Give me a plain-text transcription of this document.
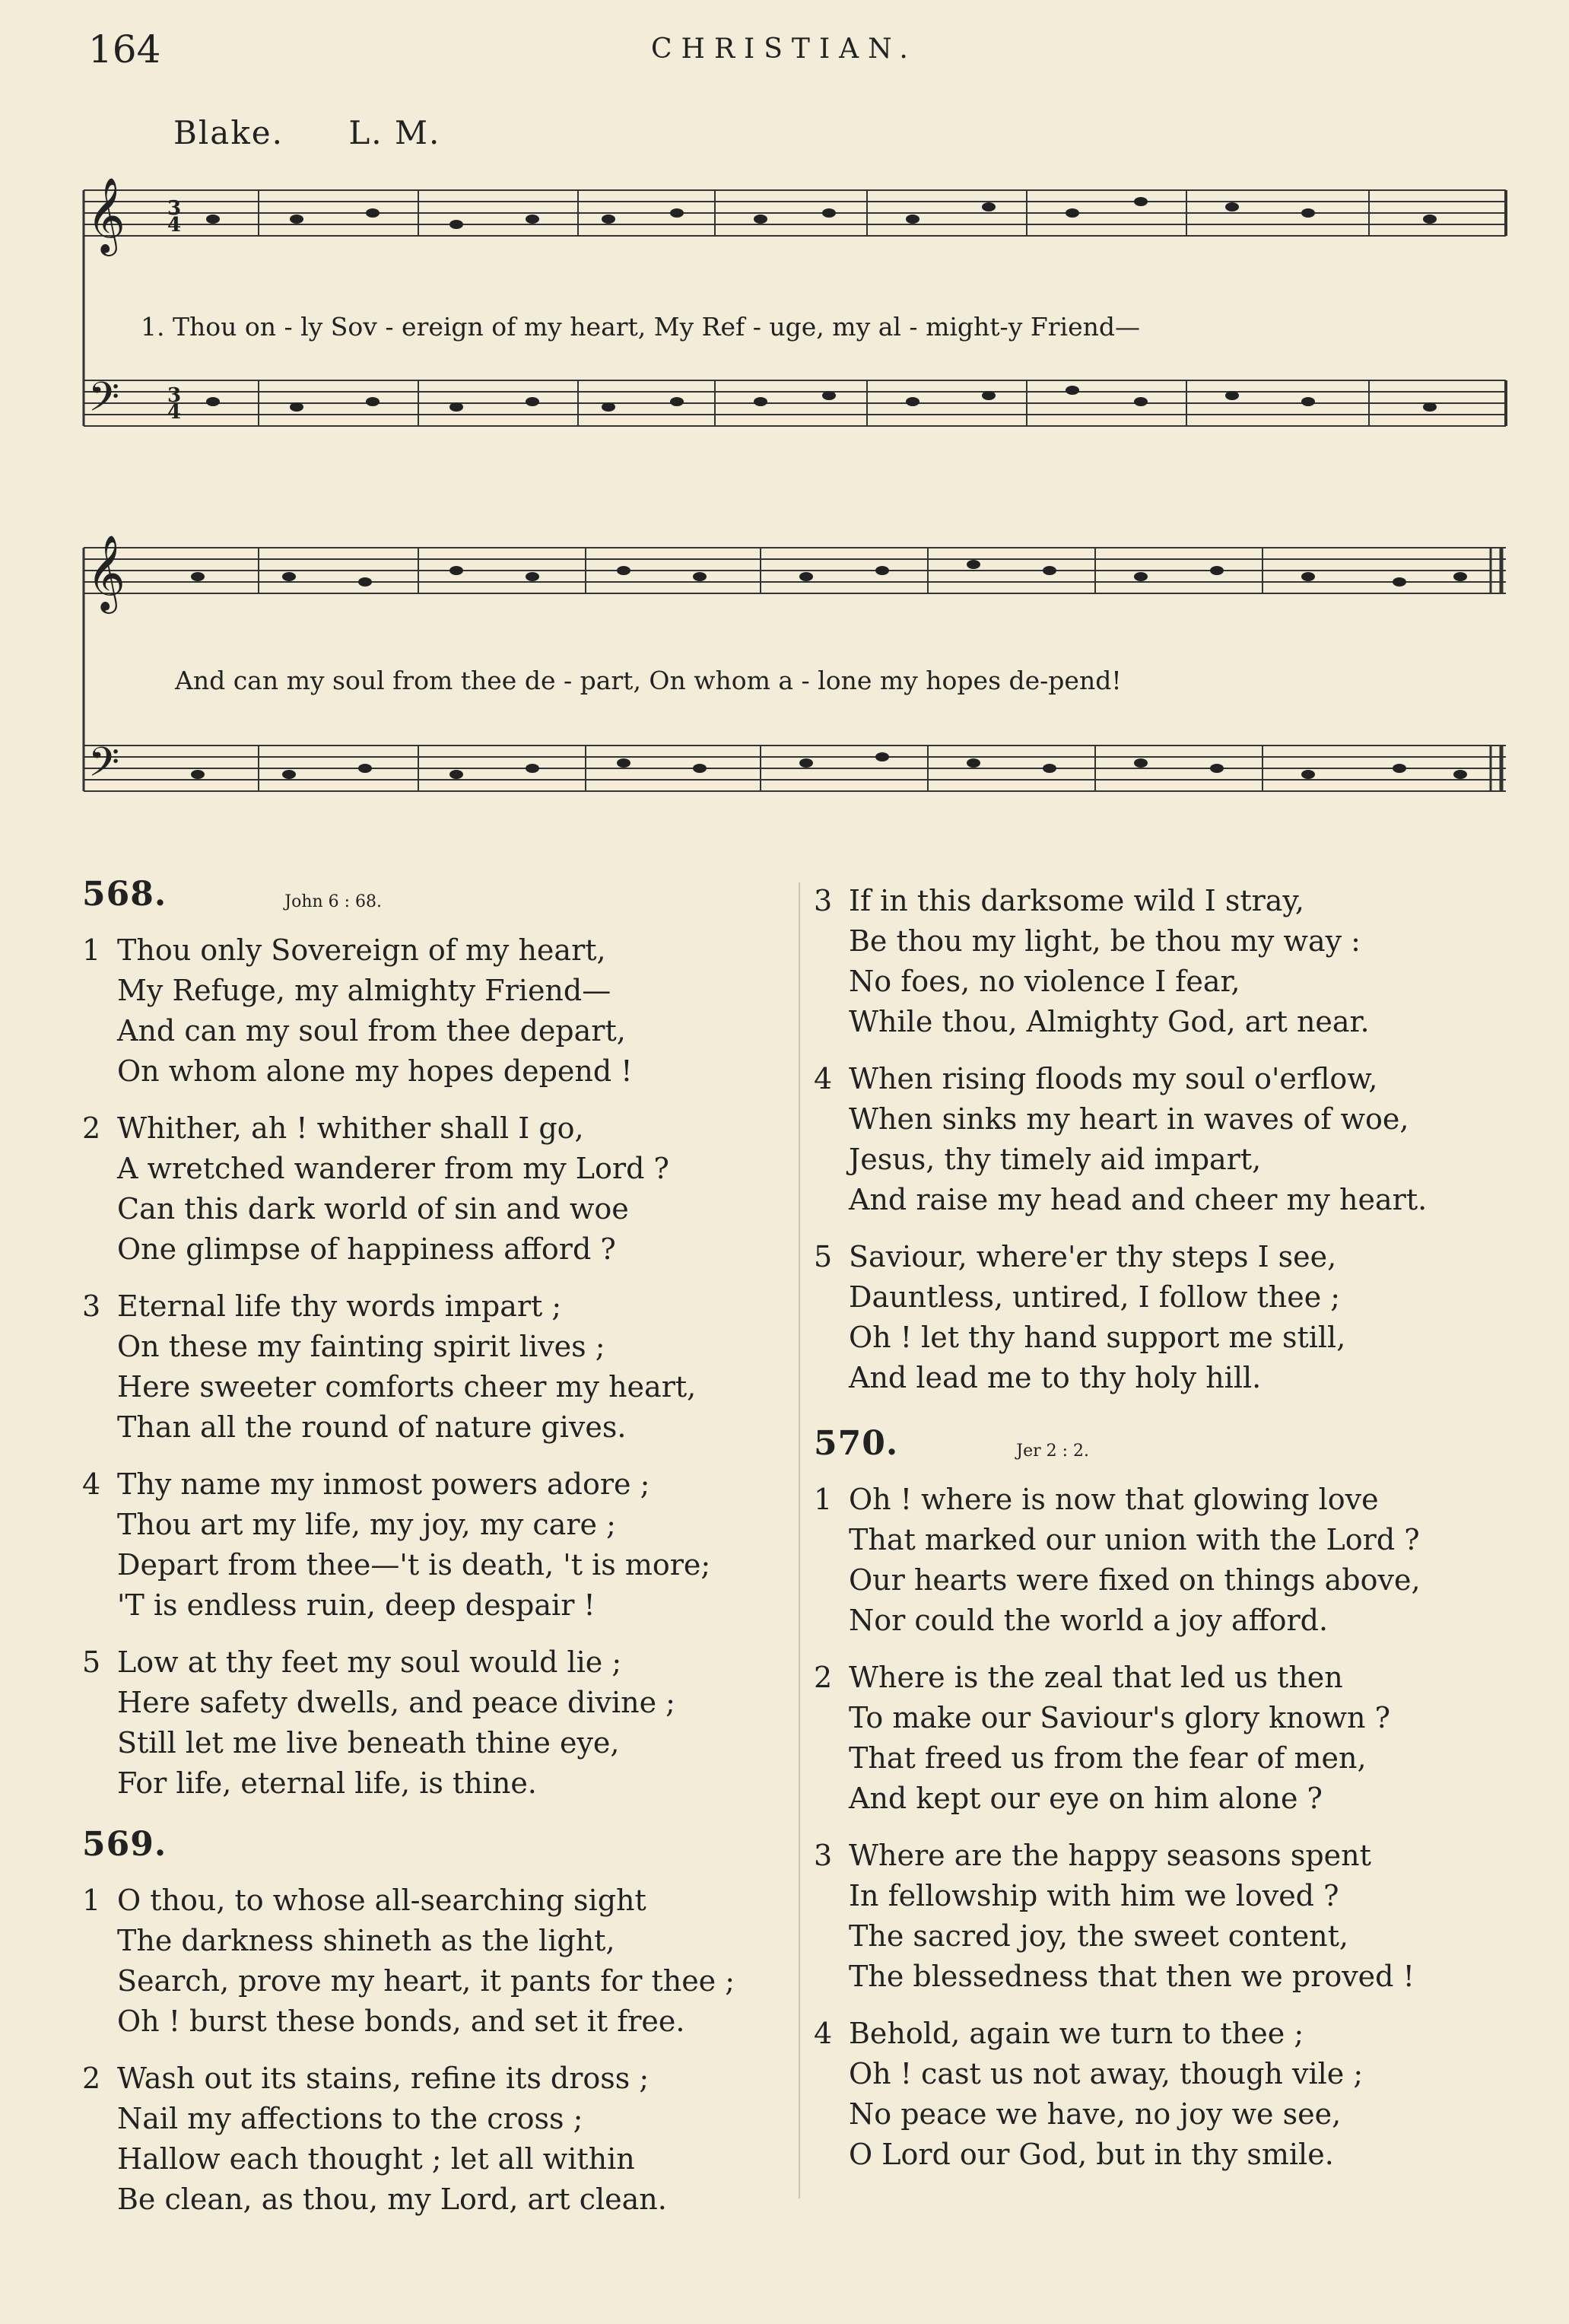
164	CHRISTIAN.
Blake. L. M.
𝄞
𝄢
3
4
3
4
1. Thou on - ly Sov - ereign of my heart, My Ref - uge, my al - might-y Friend—
𝄞
𝄢
And can my soul from thee de - part, On whom a - lone my hopes de-pend!
568.	John 6 : 68.
1 Thou only Sovereign of my heart,
My Refuge, my almighty Friend—
And can my soul from thee depart,
On whom alone my hopes depend !
2 Whither, ah ! whither shall I go,
A wretched wanderer from my Lord ?
Can this dark world of sin and woe
One glimpse of happiness afford ?
3 Eternal life thy words impart ;
On these my fainting spirit lives ;
Here sweeter comforts cheer my heart,
Than all the round of nature gives.
4 Thy name my inmost powers adore ;
Thou art my life, my joy, my care ;
Depart from thee—'t is death, 't is more;
'T is endless ruin, deep despair !
5 Low at thy feet my soul would lie ;
Here safety dwells, and peace divine ;
Still let me live beneath thine eye,
For life, eternal life, is thine.
569.
1 O thou, to whose all-searching sight
The darkness shineth as the light,
Search, prove my heart, it pants for thee ;
Oh ! burst these bonds, and set it free.
2 Wash out its stains, refine its dross ;
Nail my affections to the cross ;
Hallow each thought ; let all within
Be clean, as thou, my Lord, art clean.
3 If in this darksome wild I stray,
Be thou my light, be thou my way :
No foes, no violence I fear,
While thou, Almighty God, art near.
4 When rising floods my soul o'erflow,
When sinks my heart in waves of woe,
Jesus, thy timely aid impart,
And raise my head and cheer my heart.
5 Saviour, where'er thy steps I see,
Dauntless, untired, I follow thee ;
Oh ! let thy hand support me still,
And lead me to thy holy hill.
570.	Jer 2 : 2.
1 Oh ! where is now that glowing love
That marked our union with the Lord ?
Our hearts were fixed on things above,
Nor could the world a joy afford.
2 Where is the zeal that led us then
To make our Saviour's glory known ?
That freed us from the fear of men,
And kept our eye on him alone ?
3 Where are the happy seasons spent
In fellowship with him we loved ?
The sacred joy, the sweet content,
The blessedness that then we proved !
4 Behold, again we turn to thee ;
Oh ! cast us not away, though vile ;
No peace we have, no joy we see,
O Lord our God, but in thy smile.
